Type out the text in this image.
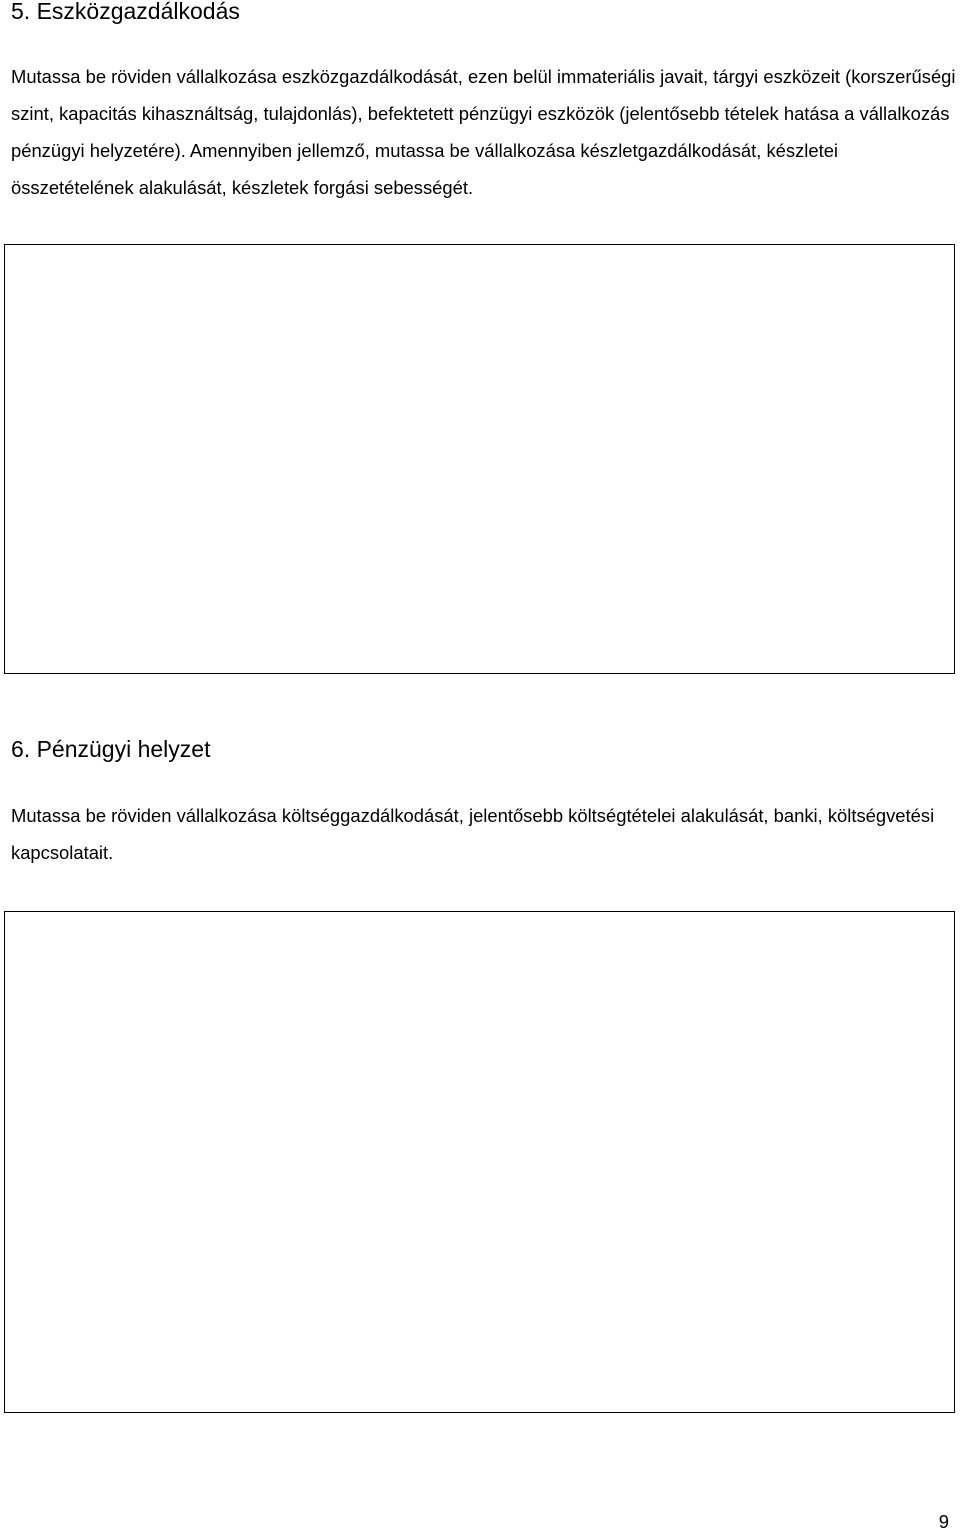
5. Eszközgazdálkodás

Mutassa be röviden vállalkozása eszközgazdálkodását, ezen belül immateriális javait, tárgyi eszközeit (korszerűségi szint, kapacitás kihasználtság, tulajdonlás), befektetett pénzügyi eszközök (jelentősebb tételek hatása a vállalkozás pénzügyi helyzetére). Amennyiben jellemző, mutassa be vállalkozása készletgazdálkodását, készletei összetételének alakulását, készletek forgási sebességét.

6. Pénzügyi helyzet

Mutassa be röviden vállalkozása költséggazdálkodását, jelentősebb költségtételei alakulását, banki, költségvetési kapcsolatait.

9
